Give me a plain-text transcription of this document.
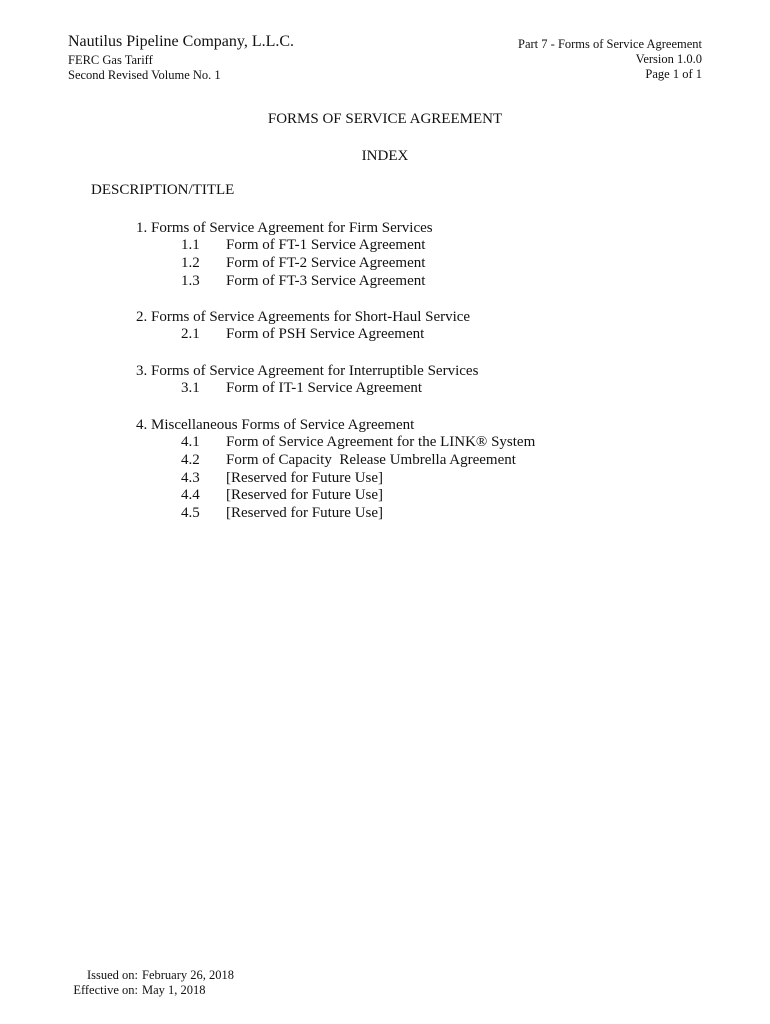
Nautilus Pipeline Company, L.L.C.
FERC Gas Tariff
Second Revised Volume No. 1
Part 7 - Forms of Service Agreement
Version 1.0.0
Page 1 of 1
FORMS OF SERVICE AGREEMENT
INDEX
DESCRIPTION/TITLE
1. Forms of Service Agreement for Firm Services
1.1 Form of FT-1 Service Agreement
1.2 Form of FT-2 Service Agreement
1.3 Form of FT-3 Service Agreement
2. Forms of Service Agreements for Short-Haul Service
2.1 Form of PSH Service Agreement
3. Forms of Service Agreement for Interruptible Services
3.1 Form of IT-1 Service Agreement
4. Miscellaneous Forms of Service Agreement
4.1 Form of Service Agreement for the LINK® System
4.2 Form of Capacity  Release Umbrella Agreement
4.3 [Reserved for Future Use]
4.4 [Reserved for Future Use]
4.5 [Reserved for Future Use]
Issued on: February 26, 2018
Effective on: May 1, 2018
